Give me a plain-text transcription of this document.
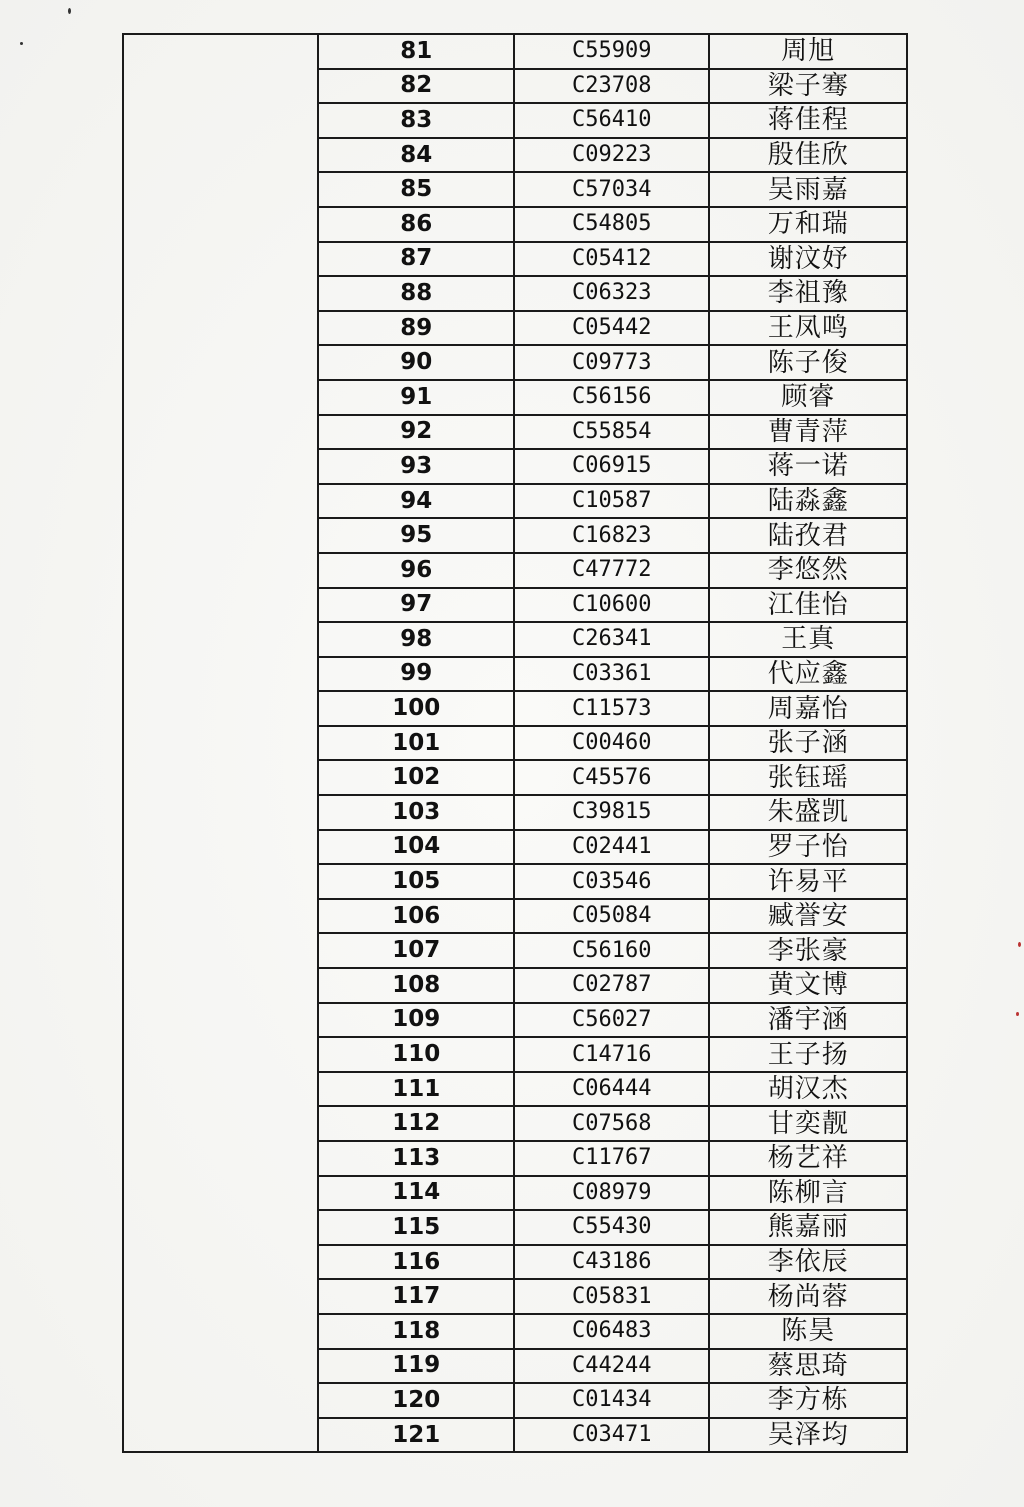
	81	C55909	周旭
	82	C23708	梁子骞
	83	C56410	蒋佳程
	84	C09223	殷佳欣
	85	C57034	吴雨嘉
	86	C54805	万和瑞
	87	C05412	谢汶妤
	88	C06323	李祖豫
	89	C05442	王凤鸣
	90	C09773	陈子俊
	91	C56156	顾睿
	92	C55854	曹青萍
	93	C06915	蒋一诺
	94	C10587	陆淼鑫
	95	C16823	陆孜君
	96	C47772	李悠然
	97	C10600	江佳怡
	98	C26341	王真
	99	C03361	代应鑫
	100	C11573	周嘉怡
	101	C00460	张子涵
	102	C45576	张钰瑶
	103	C39815	朱盛凯
	104	C02441	罗子怡
	105	C03546	许易平
	106	C05084	臧誉安
	107	C56160	李张豪
	108	C02787	黄文博
	109	C56027	潘宇涵
	110	C14716	王子扬
	111	C06444	胡汉杰
	112	C07568	甘奕靓
	113	C11767	杨艺祥
	114	C08979	陈柳言
	115	C55430	熊嘉丽
	116	C43186	李依辰
	117	C05831	杨尚蓉
	118	C06483	陈昊
	119	C44244	蔡思琦
	120	C01434	李方栋
	121	C03471	吴泽均
